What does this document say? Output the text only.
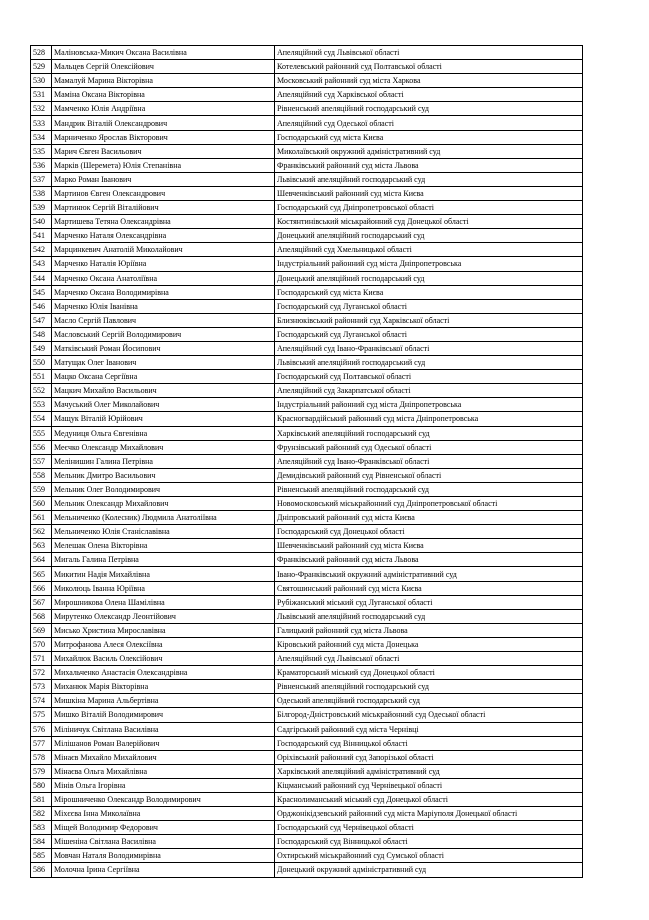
528	Маліновська-Микич Оксана Василівна	Апеляційний суд Львівської області
529	Мальцев Сергій Олексійович	Котелевський районний суд Полтавської області
530	Мамалуй Марина Вікторівна	Московський районний суд міста Харкова
531	Маміна Оксана Вікторівна	Апеляційний суд Харківської області
532	Мамченко Юлія Андріївна	Рівненський апеляційний господарський суд
533	Мандрик Віталій Олександрович	Апеляційний суд Одеської області
534	Марниченко Ярослав Вікторович	Господарський суд міста Києва
535	Марич Євген Васильович	Миколаївський окружний адміністративний суд
536	Марків (Шеремета) Юлія Степанівна	Франківський районний суд міста Львова
537	Марко Роман Іванович	Львівський апеляційний господарський суд
538	Мартинов Євген Олександрович	Шевченківський районний суд міста Києва
539	Мартинюк Сергій Віталійович	Господарський суд Дніпропетровської області
540	Мартишева Тетяна Олександрівна	Костянтинівський міськрайонний суд Донецької області
541	Марченко Наталя Олександрівна	Донецький апеляційний господарський суд
542	Марцинкевич Анатолій Миколайович	Апеляційний суд Хмельницької області
543	Марченко Наталія Юріївна	Індустріальний районний суд міста Дніпропетровська
544	Марченко Оксана Анатоліївна	Донецький апеляційний господарський суд
545	Марченко Оксана Володимирівна	Господарський суд міста Києва
546	Марченко Юлія Іванівна	Господарський суд Луганської області
547	Масло Сергій Павлович	Близнюківський районний суд Харківської області
548	Масловський Сергій Володимирович	Господарський суд Луганської області
549	Матківський Роман Йосипович	Апеляційний суд Івано-Франківської області
550	Матущак Олег Іванович	Львівський апеляційний господарський суд
551	Мацко Оксана Сергіївна	Господарський суд Полтавської області
552	Мацкич Михайло Васильович	Апеляційний суд Закарпатської області
553	Мачуський Олег Миколайович	Індустріальний районний суд міста Дніпропетровська
554	Мащук Віталій Юрійович	Красногвардійський районний суд міста Дніпропетровська
555	Медуниця Ольга Євгенівна	Харківський апеляційний господарський суд
556	Меєчко Олександр Михайлович	Фрунзівський районний суд Одеської області
557	Мелінишин Галина Петрівна	Апеляційний суд Івано-Франківської області
558	Мельник Дмитро Васильович	Демидівський районний суд Рівненської області
559	Мельник Олег Володимирович	Рівненський апеляційний господарський суд
560	Мельник Олександр Михайлович	Новомосковський міськрайонний суд Дніпропетровської області
561	Мельниченко (Колесник) Людмила Анатоліївна	Дніпровський районний суд міста Києва
562	Мельниченко Юлія Станіславівна	Господарський суд Донецької області
563	Мелешак Олена Вікторівна	Шевченківський районний суд міста Києва
564	Мигаль Галина Петрівна	Франківський районний суд міста Львова
565	Микитин Надія Михайлівна	Івано-Франківський окружний адміністративний суд
566	Миколюць Іванна Юріївна	Святошинський районний суд міста Києва
567	Мирошникова Олена Шамілівна	Рубіжанський міський суд Луганської області
568	Мирутенко Олександр Леонтійович	Львівський апеляційний господарський суд
569	Мисько Христина Мирославівна	Галицький районний суд міста Львова
570	Митрофанова Алеся Олексіївна	Кіровський районний суд міста Донецька
571	Михайлюк Василь Олексійович	Апеляційний суд Львівської області
572	Михальченко Анастасія Олександрівна	Краматорський міський суд Донецької області
573	Миханюк Марія Вікторівна	Рівненський апеляційний господарський суд
574	Мишкіна Марина Альбертівна	Одеський апеляційний господарський суд
575	Мишко Віталій Володимирович	Білгород-Дністровський міськрайонний суд Одеської області
576	Міліничук Світлана Василівна	Садгірський районний суд міста Чернівці
577	Мілішанов Роман Валерійович	Господарський суд Вінницької області
578	Мінаєв Михайло Михайлович	Оріхівський районний суд Запорізької області
579	Мінаєва Ольга Михайлівна	Харківський апеляційний адміністративний суд
580	Мінів Ольга Ігорівна	Кіцманський районний суд Чернівецької області
581	Мірошниченко Олександр Володимирович	Краснолиманський міський суд Донецької області
582	Міхєєва Інна Миколаївна	Орджонікідзевський районний суд міста Маріуполя Донецької області
583	Міщей Володимир Федорович	Господарський суд Чернівецької області
584	Мішеніна Світлана Василівна	Господарський суд Вінницької області
585	Мовчан Наталя Володимирівна	Охтирський міськрайонний суд Сумської області
586	Молочна Ірина Сергіївна	Донецький окружний адміністративний суд
